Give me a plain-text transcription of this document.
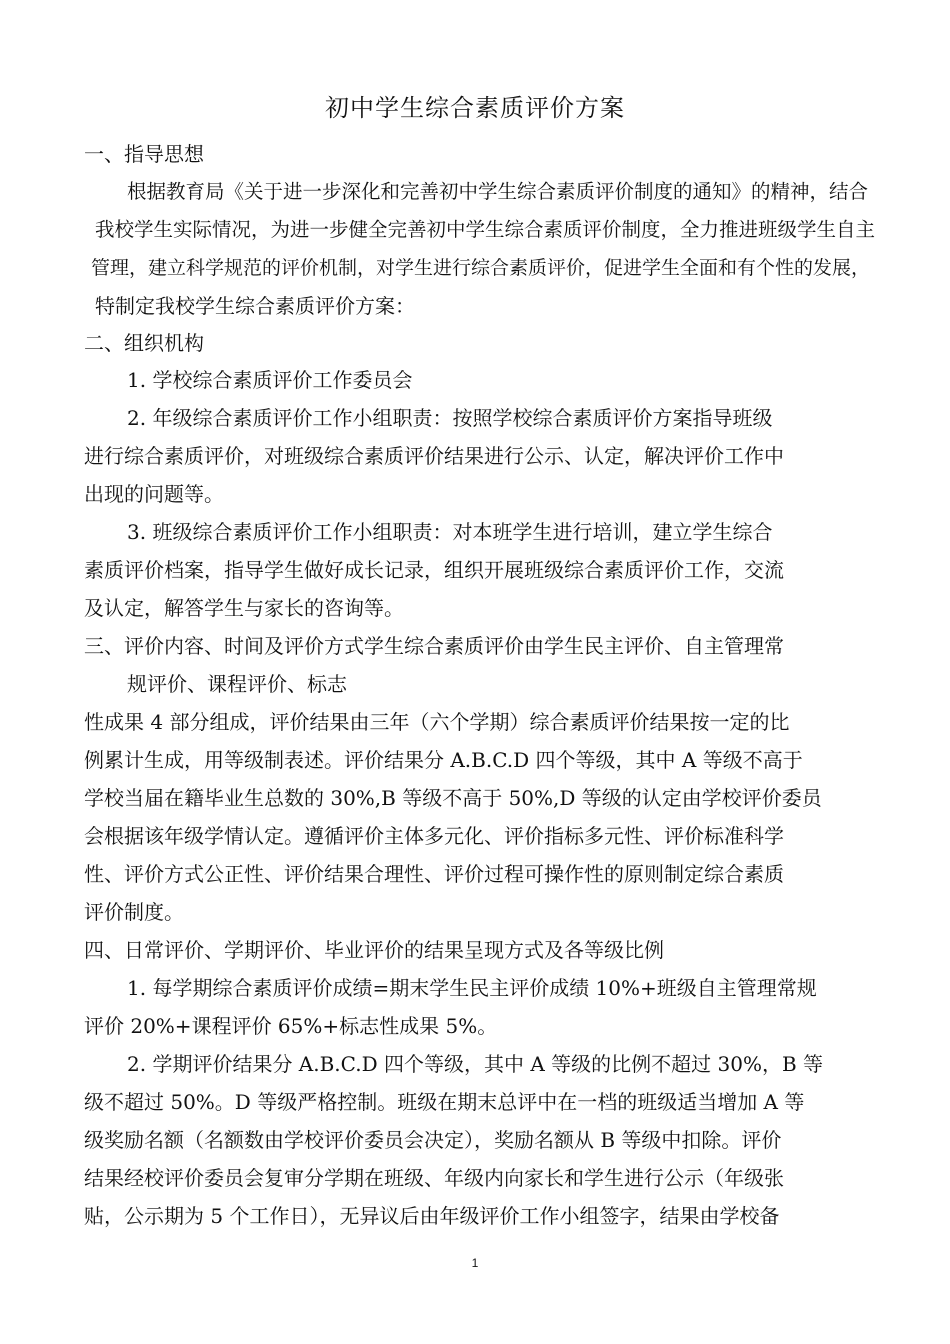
初中学生综合素质评价方案
一、指导思想
根据教育局《关于进一步深化和完善初中学生综合素质评价制度的通知》的精神，结合
我校学生实际情况，为进一步健全完善初中学生综合素质评价制度，全力推进班级学生自主
管理，建立科学规范的评价机制，对学生进行综合素质评价，促进学生全面和有个性的发展，
特制定我校学生综合素质评价方案：
二、组织机构
1. 学校综合素质评价工作委员会
2. 年级综合素质评价工作小组职责：按照学校综合素质评价方案指导班级
进行综合素质评价，对班级综合素质评价结果进行公示、认定，解决评价工作中
出现的问题等。
3. 班级综合素质评价工作小组职责：对本班学生进行培训，建立学生综合
素质评价档案，指导学生做好成长记录，组织开展班级综合素质评价工作，交流
及认定，解答学生与家长的咨询等。
三、评价内容、时间及评价方式学生综合素质评价由学生民主评价、自主管理常
规评价、课程评价、标志
性成果 4 部分组成，评价结果由三年（六个学期）综合素质评价结果按一定的比
例累计生成，用等级制表述。评价结果分 A.B.C.D 四个等级，其中 A 等级不高于
学校当届在籍毕业生总数的 30%,B 等级不高于 50%,D 等级的认定由学校评价委员
会根据该年级学情认定。遵循评价主体多元化、评价指标多元性、评价标准科学
性、评价方式公正性、评价结果合理性、评价过程可操作性的原则制定综合素质
评价制度。
四、日常评价、学期评价、毕业评价的结果呈现方式及各等级比例
1. 每学期综合素质评价成绩=期末学生民主评价成绩 10%+班级自主管理常规
评价 20%+课程评价 65%+标志性成果 5%。
2. 学期评价结果分 A.B.C.D 四个等级，其中 A 等级的比例不超过 30%，B 等
级不超过 50%。D 等级严格控制。班级在期末总评中在一档的班级适当增加 A 等
级奖励名额（名额数由学校评价委员会决定），奖励名额从 B 等级中扣除。评价
结果经校评价委员会复审分学期在班级、年级内向家长和学生进行公示（年级张
贴，公示期为 5 个工作日），无异议后由年级评价工作小组签字，结果由学校备
1
